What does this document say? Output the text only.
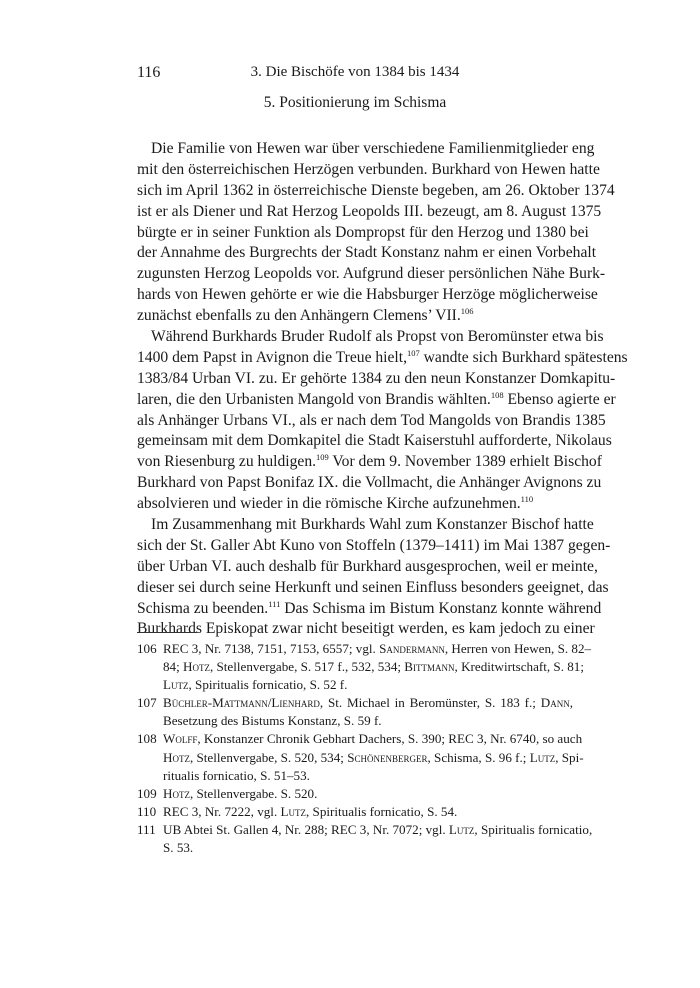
116	3. Die Bischöfe von 1384 bis 1434
5. Positionierung im Schisma
Die Familie von Hewen war über verschiedene Familienmitglieder eng
mit den österreichischen Herzögen verbunden. Burkhard von Hewen hatte
sich im April 1362 in österreichische Dienste begeben, am 26. Oktober 1374
ist er als Diener und Rat Herzog Leopolds III. bezeugt, am 8. August 1375
bürgte er in seiner Funktion als Dompropst für den Herzog und 1380 bei
der Annahme des Burgrechts der Stadt Konstanz nahm er einen Vorbehalt
zugunsten Herzog Leopolds vor. Aufgrund dieser persönlichen Nähe Burk-
hards von Hewen gehörte er wie die Habsburger Herzöge möglicherweise
zunächst ebenfalls zu den Anhängern Clemens’ VII.$^{106}$
Während Burkhards Bruder Rudolf als Propst von Beromünster etwa bis
1400 dem Papst in Avignon die Treue hielt,$^{107}$ wandte sich Burkhard spätestens
1383/84 Urban VI. zu. Er gehörte 1384 zu den neun Konstanzer Domkapitu-
laren, die den Urbanisten Mangold von Brandis wählten.$^{108}$ Ebenso agierte er
als Anhänger Urbans VI., als er nach dem Tod Mangolds von Brandis 1385
gemeinsam mit dem Domkapitel die Stadt Kaiserstuhl aufforderte, Nikolaus
von Riesenburg zu huldigen.$^{109}$ Vor dem 9. November 1389 erhielt Bischof
Burkhard von Papst Bonifaz IX. die Vollmacht, die Anhänger Avignons zu
absolvieren und wieder in die römische Kirche aufzunehmen.$^{110}$
Im Zusammenhang mit Burkhards Wahl zum Konstanzer Bischof hatte
sich der St. Galler Abt Kuno von Stoffeln (1379–1411) im Mai 1387 gegen-
über Urban VI. auch deshalb für Burkhard ausgesprochen, weil er meinte,
dieser sei durch seine Herkunft und seinen Einfluss besonders geeignet, das
Schisma zu beenden.$^{111}$ Das Schisma im Bistum Konstanz konnte während
Burkhards Episkopat zwar nicht beseitigt werden, es kam jedoch zu einer
106 REC 3, Nr. 7138, 7151, 7153, 6557; vgl. Sandermann, Herren von Hewen, S. 82–
84; Hotz, Stellenvergabe, S. 517 f., 532, 534; Bittmann, Kreditwirtschaft, S. 81;
Lutz, Spiritualis fornicatio, S. 52 f.
107 Büchler-Mattmann/Lienhard, St. Michael in Beromünster, S. 183 f.; Dann,
Besetzung des Bistums Konstanz, S. 59 f.
108 Wolff, Konstanzer Chronik Gebhart Dachers, S. 390; REC 3, Nr. 6740, so auch
Hotz, Stellenvergabe, S. 520, 534; Schönenberger, Schisma, S. 96 f.; Lutz, Spi-
ritualis fornicatio, S. 51–53.
109 Hotz, Stellenvergabe. S. 520.
110 REC 3, Nr. 7222, vgl. Lutz, Spiritualis fornicatio, S. 54.
111 UB Abtei St. Gallen 4, Nr. 288; REC 3, Nr. 7072; vgl. Lutz, Spiritualis fornicatio,
S. 53.
